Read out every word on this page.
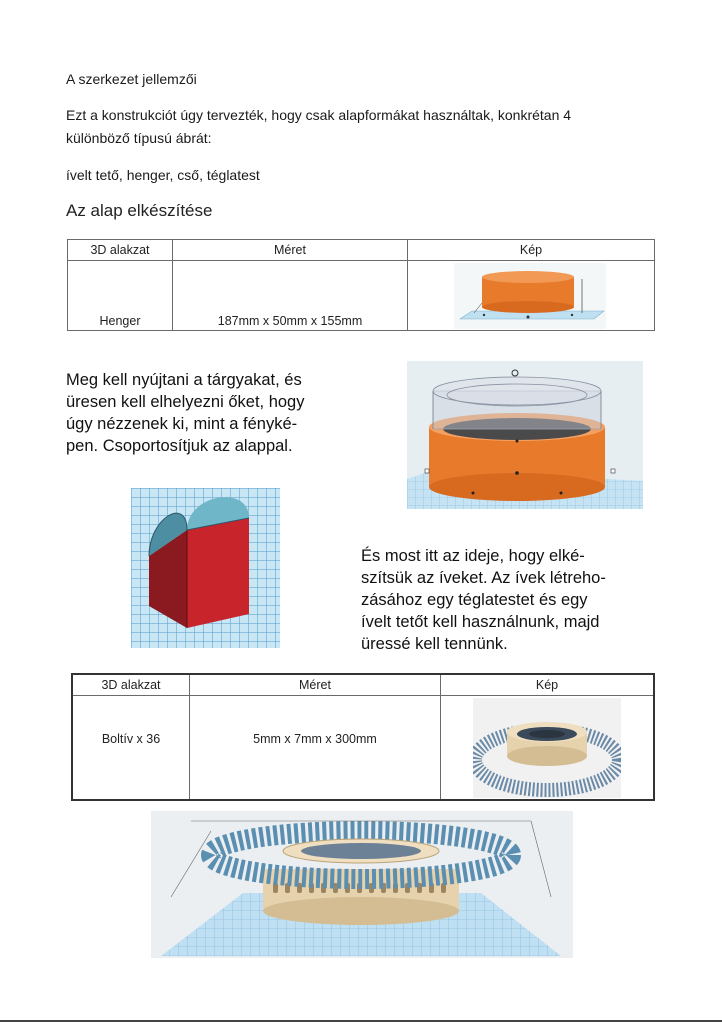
A szerkezet jellemzői
Ezt a konstrukciót úgy tervezték, hogy csak alapformákat használtak, konkrétan 4
különböző típusú ábrát:
ívelt tető, henger, cső, téglatest
Az alap elkészítése
3D alakzat	Méret	Kép
Henger	187mm x 50mm x 155mm	
Meg kell nyújtani a tárgyakat, és
üresen kell elhelyezni őket, hogy
úgy nézzenek ki, mint a fényké-
pen. Csoportosítjuk az alappal.
És most itt az ideje, hogy elké-
szítsük az íveket. Az ívek létreho-
zásához egy téglatestet és egy
ívelt tetőt kell használnunk, majd
üressé kell tennünk.
3D alakzat	Méret	Kép
Boltív x 36	5mm x 7mm x 300mm	
